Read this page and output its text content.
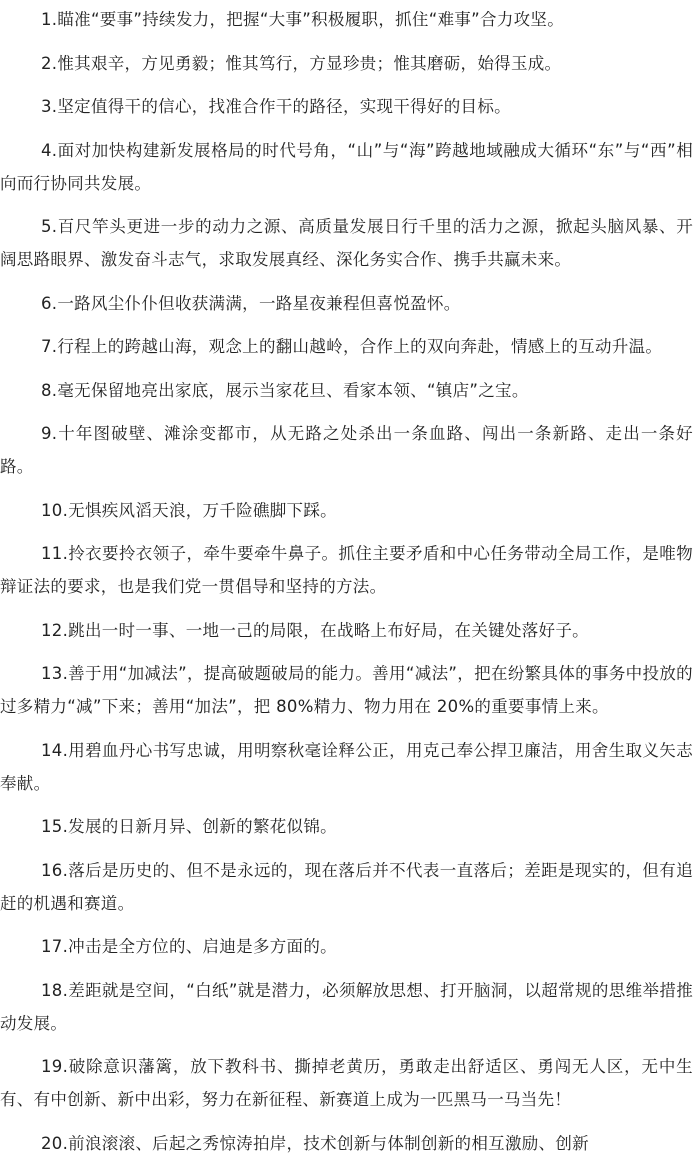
1.瞄准“要事”持续发力，把握“大事”积极履职，抓住“难事”合力攻坚。

2.惟其艰辛，方见勇毅；惟其笃行，方显珍贵；惟其磨砺，始得玉成。

3.坚定值得干的信心，找准合作干的路径，实现干得好的目标。

4.面对加快构建新发展格局的时代号角，“山”与“海”跨越地域融成大循环“东”与“西”相向而行协同共发展。

5.百尺竿头更进一步的动力之源、高质量发展日行千里的活力之源，掀起头脑风暴、开阔思路眼界、激发奋斗志气，求取发展真经、深化务实合作、携手共赢未来。

6.一路风尘仆仆但收获满满，一路星夜兼程但喜悦盈怀。

7.行程上的跨越山海，观念上的翻山越岭，合作上的双向奔赴，情感上的互动升温。

8.毫无保留地亮出家底，展示当家花旦、看家本领、“镇店”之宝。

9.十年图破壁、滩涂变都市，从无路之处杀出一条血路、闯出一条新路、走出一条好路。

10.无惧疾风滔天浪，万千险礁脚下踩。

11.拎衣要拎衣领子，牵牛要牵牛鼻子。抓住主要矛盾和中心任务带动全局工作，是唯物辩证法的要求，也是我们党一贯倡导和坚持的方法。

12.跳出一时一事、一地一己的局限，在战略上布好局，在关键处落好子。

13.善于用“加减法”，提高破题破局的能力。善用“减法”，把在纷繁具体的事务中投放的过多精力“减”下来；善用“加法”，把 80%精力、物力用在 20%的重要事情上来。

14.用碧血丹心书写忠诚，用明察秋毫诠释公正，用克己奉公捍卫廉洁，用舍生取义矢志奉献。

15.发展的日新月异、创新的繁花似锦。

16.落后是历史的、但不是永远的，现在落后并不代表一直落后；差距是现实的，但有追赶的机遇和赛道。

17.冲击是全方位的、启迪是多方面的。

18.差距就是空间，“白纸”就是潜力，必须解放思想、打开脑洞，以超常规的思维举措推动发展。

19.破除意识藩篱，放下教科书、撕掉老黄历，勇敢走出舒适区、勇闯无人区，无中生有、有中创新、新中出彩，努力在新征程、新赛道上成为一匹黑马一马当先！

20.前浪滚滚、后起之秀惊涛拍岸，技术创新与体制创新的相互激励、创新
